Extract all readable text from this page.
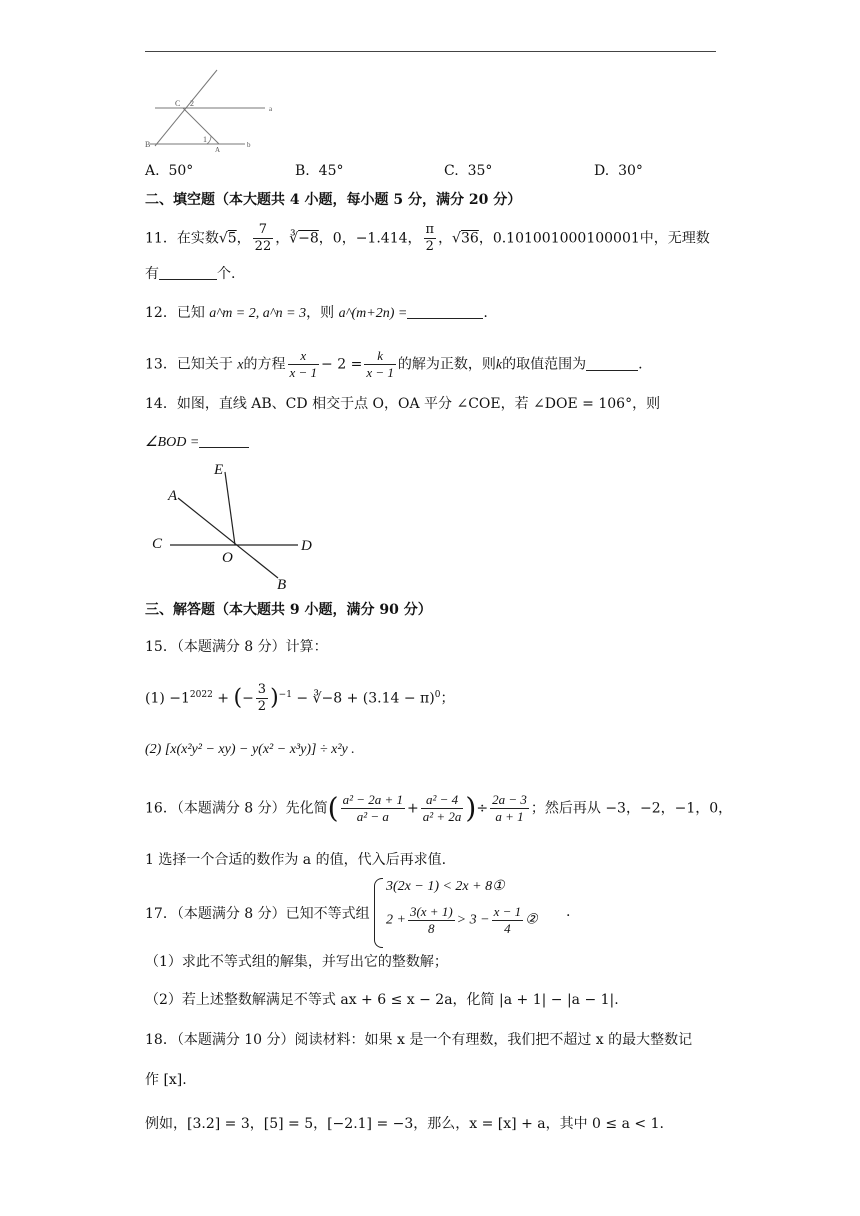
C 2
a
B
1
A
b
A. 50°	B. 45°	C. 35°	D. 30°
二、填空题（本大题共 4 小题，每小题 5 分，满分 20 分）
11．在实数√5， $\frac{7}{22}$ ，∛−8，0，−1.414， $\frac{\pi}{2}$ ，√36，0.101001000100001中，无理数
有	个.
12．已知 a^m = 2, a^n = 3，则 a^(m+2n) =	.
13．已知关于 x的方程 $\frac{x}{x - 1} - 2 = \frac{k}{x - 1}$ 的解为正数，则k的取值范围为	.
14．如图，直线 AB、CD 相交于点 O，OA 平分 ∠COE，若 ∠DOE = 106°，则
∠BOD =
E
A
C
O
D
B
三、解答题（本大题共 9 小题，满分 90 分）
15．（本题满分 8 分）计算：
$(1) -1^{2022}$ + (− $\frac{3}{2} )^{-1}$ − ∛−8 + $(3.14 - \pi)^0$；
(2) [x(x²y² − xy) − y(x² − x³y)] ÷ x²y .
16．（本题满分 8 分）先化简( $\frac{\text{a² − 2a + 1}}{\text{a² − a}} + \frac{\text{a² − 4}}{\text{a² + 2a}}$ )÷ $\frac{2a - 3}{a + 1}$ ；然后再从 −3，−2，−1，0，
1 选择一个合适的数作为 a 的值，代入后再求值.
17．（本题满分 8 分）已知不等式组
3(2x − 1) < 2x + 8①
$2 + \frac{3(x + 1)}{8} > 3 - \frac{x - 1}{4}$ ②
.
（1）求此不等式组的解集，并写出它的整数解；
（2）若上述整数解满足不等式 ax + 6 ≤ x − 2a，化简 |a + 1| − |a − 1|.
18．（本题满分 10 分）阅读材料：如果 x 是一个有理数，我们把不超过 x 的最大整数记
作 [x].
例如，[3.2] = 3，[5] = 5，[−2.1] = −3，那么，x = [x] + a，其中 0 ≤ a < 1.
